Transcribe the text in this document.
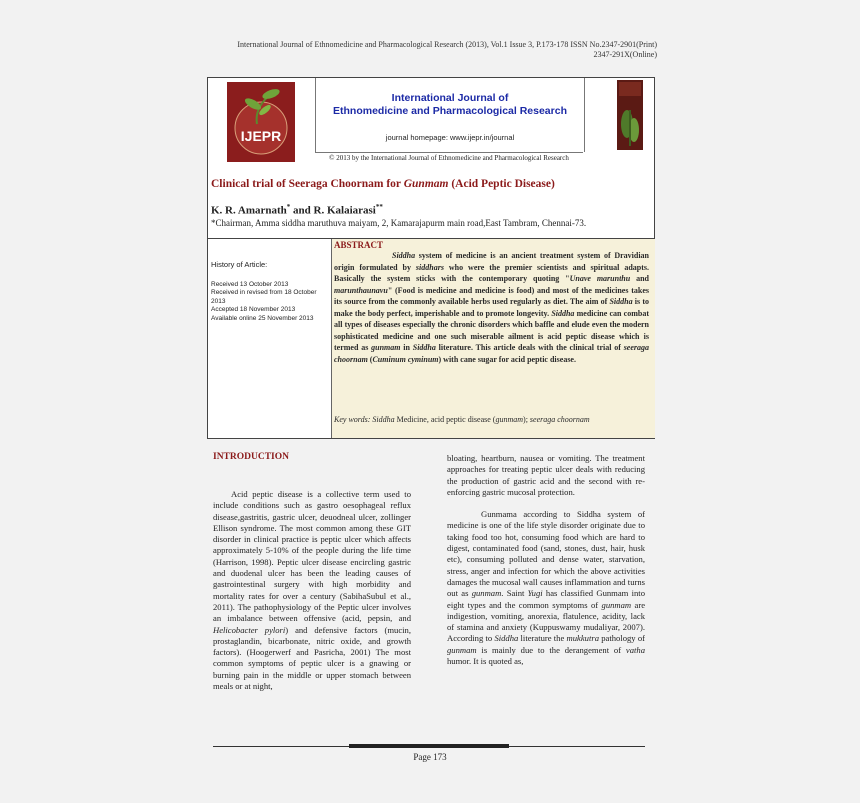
International Journal of Ethnomedicine and Pharmacological Research (2013), Vol.1 Issue 3, P.173-178 ISSN No.2347-2901(Print)
2347-291X(Online)
IJEPR
International Journal of
Ethnomedicine and Pharmacological Research
journal homepage: www.ijepr.in/journal
© 2013 by the International Journal of Ethnomedicine and Pharmacological Research
Clinical trial of Seeraga Choornam for Gunmam (Acid Peptic Disease)
K. R. Amarnath* and R. Kalaiarasi**
*Chairman, Amma siddha maruthuva maiyam, 2, Kamarajapurm main road,East Tambram, Chennai-73.
History of Article:
Received 13 October 2013
Received in revised from 18 October 2013
Accepted 18 November 2013
Available online 25 November 2013
ABSTRACT
Siddha system of medicine is an ancient treatment system of Dravidian origin formulated by siddhars who were the premier scientists and spiritual adapts. Basically the system sticks with the contemporary quoting "Unave marunthu and marunthaunavu" (Food is medicine and medicine is food) and most of the medicines takes its source from the commonly available herbs used regularly as diet. The aim of Siddha is to make the body perfect, imperishable and to promote longevity. Siddha medicine can combat all types of diseases especially the chronic disorders which baffle and elude even the modern sophisticated medicine and one such miserable ailment is acid peptic disease which is termed as gunmam in Siddha literature. This article deals with the clinical trial of seeraga choornam (Cuminum cyminum) with cane sugar for acid peptic disease.
Key words: Siddha Medicine, acid peptic disease (gunmam); seeraga choornam
INTRODUCTION

Acid peptic disease is a collective term used to include conditions such as gastro oesophageal reflux disease,gastritis, gastric ulcer, deuodneal ulcer, zollinger Ellison syndrome. The most common among these GIT disorder in clinical practice is peptic ulcer which affects approximately 5-10% of the people during the life time (Harrison, 1998). Peptic ulcer disease encircling gastric and duodenal ulcer has been the leading causes of gastrointestinal surgery with high morbidity and mortality rates for over a century (SabihaSubul et al., 2011). The pathophysiology of the Peptic ulcer involves an imbalance between offensive (acid, pepsin, and Helicobacter pylori) and defensive factors (mucin, prostaglandin, bicarbonate, nitric oxide, and growth factors). (Hoogerwerf and Pasricha, 2001) The most common symptoms of peptic ulcer is a gnawing or burning pain in the middle or upper stomach between meals or at night,

bloating, heartburn, nausea or vomiting. The treatment approaches for treating peptic ulcer deals with reducing the production of gastric acid and the second with re-enforcing gastric mucosal protection.

Gunmama according to Siddha system of medicine is one of the life style disorder originate due to taking food too hot, consuming food which are hard to digest, contaminated food (sand, stones, dust, hair, husk etc), consuming polluted and dense water, starvation, stress, anger and infection for which the above activities damages the mucosal wall causes inflammation and turns out as gunmam. Saint Yugi has classified Gunmam into eight types and the common symptoms of gunmam are indigestion, vomiting, anorexia, flatulence, acidity, lack of stamina and anxiety (Kuppuswamy mudaliyar, 2007). According to Siddha literature the mukkutra pathology of gunmam is mainly due to the derangement of vatha humor. It is quoted as,

Page 173
